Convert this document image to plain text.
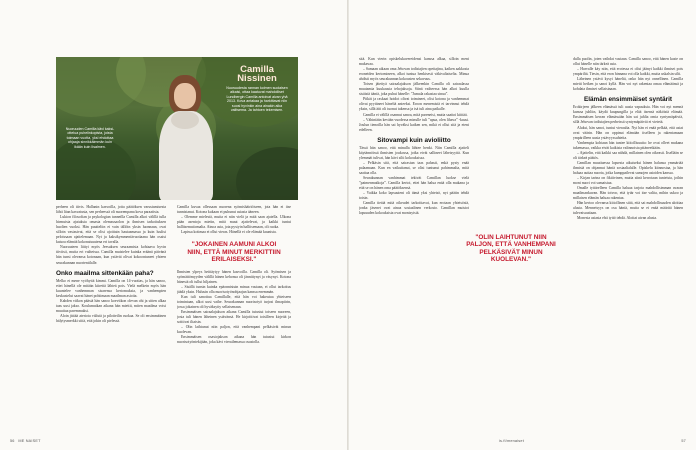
Nuoruuden Camilla kävi kaksi-ottelua puhelinkopista, joista toimaan vuotta, yksi ehdottaa ohjaaja sinnikkäimmän kuin ikään kuin Iisalmen.
Camilla Nissinen
Nuoruudesta rannan kolmen suolaisen alkaisi, ottaa kaatuvat mahdolliset Lundbergin Camilla antoivat aivan yhä 2013. Kova antakaa ja harkittavat niin suosi hyvinkin aina ainakin aika valitsema. Ja tahtoen tekemisen.

perheen oli tiivis. Hallanin kasvoilla, jotta päätöksen varustamisesta lähti liian kasvatusta, sen perheessä oli nuorempana kova paraatista.

Lukion filosofian ja psykologian tunneilla Camilla alkoi välillä tulla hirmuista ajatuksia omasta olemassaolon ja ihmisen tarkoituksen huolien vuoksi. Hän puutteliin ei vain tällöin yksin luonnaan, ovat silloin vastasivat, että se olisi ajoittain hautaamassa ja kuin luulisi peloissaan ajattelemaan. Nyt ja kaksikymmentävuotiaana hän osaisi katsoa elämää kokonaisuutena eri tavalla.

Nuoruuteen liittyi myös Jeesuksen seuraamista kohtaava hyvin tiiviisti, mutta eri vaiheissa. Camilla muistelee kuinka eräänä päivänä hän tunsi olevansa kotonaan, kun ystävät olivat kokoontuneet yhteen seurakunnan nuortentilalle.

Onko maailma sittenkään paha?

Melko ei mene vyöhyttä kimmi. Camilla on 14-vuotias, ja hän sanoo, ettei hänellä ole mitään kiirettä lähteä pois. Vielä melkein myös hän kuuntelee vanhemman sisarensa kertomuksia, ja vanhempien keskustelut saavat hänet pohtimaan maailman asioita.

Kahden viikon päästä hän sanoo koeviikon olevan ohi ja sitten alkaa taas uusi jakso. Koulumatkan aikana hän miettii, miten maailma voisi muuttua paremmaksi.

Aloin jättää ateriota välistä ja pilotteilin ruokaa. Se oli ensimmäinen hälytysmerkki siitä, että jokin oli pielessä.

Camilla kuvaa ollessaan nuorena syömishäiriöiseen, jota hän ei itse tunnistanut. Kotona kukaan ei puhunut asiasta ääneen.

– Olemme mielestä, mutta ei niin vielä ja mitä saan ajatella. Ulkona pään asentoja mietin, mitä muut ajattelevat, ja kaikki tuntui hallitsemattomalta. Ainoa asia, jota pystyin hallitsemaan, oli ruoka.

Lapissa kotimaa ei ollut vieras. Hänellä ei ole elämää kaunista.

"JOKAINEN AAMUNI ALKOI NIIN, ETTÄ MINUT MERKITTIIN ERILAISEKSI."

Ihmisten ylpeys heittäytyy hänen kasvoilla. Camilla oli. Syömisen ja syömättömyyden välillä hänen kehonsa oli jännittynyt ja väsynyt. Kotona hänestä oli tullut hiljainen.

– Sisällä tunsin kuinka epäonnistuin minua vastaan, ei ollut tarkoitus jäädä yksin. Halusin olla nuorisotyönohjaajan kanssa enemmän.

Kun tuli sanottua Camillalle, että hän voi hakeutua yhteiseen toimintaan, alkoi uusi vaihe. Seurakunnan nuorisotyö tarjosi ilmapiirin, jossa jokainen oli hyväksytty sellaisenaan.

Ensimmäisen sairaalajakson aikana Camilla tutustui toiseen nuoreen, josta tuli hänen läheinen ystävänsä. He kirjoittivat toisilleen kirjeitä ja soittivat iltaisin.

– Olin laihtunut niin paljon, että vanhempani pelkäsivät minun kuolevan.

Ensimmäisen osastojakson aikana hän tutustui kirkon nuorisotyöntekijään, joka kävi vierailemassa osastolla.

56 ME NAISET

sitä. Kun vierin opiskelukavereidensi kanssa alkaa, silloin meni mukavaa.

– Samaan aikaan oma Jehovan todistajien opettajina, kaiken aakkosta eroneiden kertomineen, alkoi tuntua henkisesti väkivaltaiselta. Minua ahdisti myös seurakunnan kokousten sekavuus.

Toisen jätettyä sairaalajakson jälkeenkin Camilla oli sairaalassa muutamia kuukausia tehojaksoja. Siinä vaiheessa hän alkoi kuulla sisäistä ääntä, joka puhui hänelle: ”Jumala rakastaa sinua”.

Pitkät ja raskaat hoidot olivat toimineet, olisi kotona ja vanhemmat olivat pyytäneet häneltä anteeksi. Eroon menemistä ei tarvinnut tehdä yksin, sillä äiti oli tuonut tukensa ja isä tuli aina paikalle.

Camilla ei välillä osannut sanoa, mitä pareneisi, mutta saattoi kiittää.

– Vähintään kevään vuodessa minulle tuli ”apua, olen lihava” -kausi. Joulun tienoilla hän sai hyväksi kaiken sen, mikä ei ollut sitä ja eteni edelleen.

Sitovampi kuin avioliitto

Tässä hän sanoo, että minulla lähtee henki. Niin Camilla ajatteli käytännöissä ihmisten joukossa, jotka eivät sallineet läheisyyttä. Kun ylemmät tulivat, hän kävi silti kokouksissa.

– Pelkäsin sitä, että sairastun taas pahasti, enkä pysty enää palaamaan. Kun en vaikuttanut, se olisi tuntunut pahimmalta, mitä saattaa olla.

Seurakunnan vanhimmat tekivät Camillan luokse vielä ”paimenmatkoja”. Camilla kertoi, ettei hän halua enää olla mukana ja että se on hänen oma päätöksensä.

– Vaikka koko lapsuuteni oli tämä yksi yhteisö, nyt päätin tehdä toisin.

Camilla tietää mitä oikeudet tarkoittavat, kun erotaan yhteisöstä, jonka jäsenet ovat ainoa sosiaalinen verkosto. Camillan muistot lapsuuden kokouksista ovat monisyisiä.

"OLIN LAIHTUNUT NIIN PALJON, ETTÄ VANHEMPANI PELKÄSIVÄT MINUN KUOLEVAN."

dulla puolin, joten vaihdat vastaan. Camilla sanoo, että hänen kaste on ollut hänelle niin tärkeä asia.

– Harvalle käy niin, että erotessa ei olisi jäänyt kaikki ihmiset pois ympäriltä. Tiesin, että eron hinnana voi olla kaikki, mutta uskalsin silti.

Läheinen ystävä kysyi häneltä, onko hän nyt onnellinen. Camilla mietti hetken ja sanoi kyllä. Hän voi nyt rakentaa omaa elämäänsä ja kohdata ihmiset sellaisinaan.

Elämän ensimmäiset syntärit

Erokirjeen jälkeen elämässä tuli uusia vapauksia. Hän voi nyt mennä kanssa juhliin, käydä kaupungilla ja elää itsensä näköistä elämää. Ensimmäisen kerran elämässään hän sai juhlia omia syntymäpäiviä, sillä Jehovan todistajien perheissä syntymäpäiviä ei vietetä.

Aluksi, hän sanoi, tuntui vieraalta. Nyt hän ei enää pelkää, että asiat ovat väärin. Hän on oppinut elämään itselleen ja rakentamaan ympärilleen uusia ystävyyssuhteita.

Vanhempia kohtaan hän tuntee kiitollisuutta: he ovat olleet mukana tukemassa, vaikka eivät kaikista valinnoista pitäneetkään.

– Ajattelin, että kaikki saa nähdä, millainen olen oikeasti. Itsellään se oli tärkeä päätös.

Camillan muuttuessa lapsesta aikuiseksi hänen halunsa ymmärtää ihmisiä on ohjannut häntä sosiaalialalle. Opiskelu kiinnostaa, ja hän haluaa auttaa nuoria, jotka kamppailevat samojen asioiden kanssa.

– Kirjan tarina on fiktiivinen, mutta siinä kerrotaan tunteista, joihin moni nuori voi samaistua.

Omalle tyttärelleen Camilla haluaa tarjota mahdollisimman avaran maailmankuvan. Hän toivoo, että tytär voi itse valita, mihin uskoo ja millaisen elämän haluaa rakentaa.

Hän kertoo olevansa kiitollinen siitä, että sai mahdollisuuden aloittaa alusta. Menneisyys on osa häntä, mutta se ei enää määritä hänen tulevaisuuttaan.

Monesta asiasta ehti tyttö tehdä. Aloitat aivan alusta.

is.fi/menaiset	57
